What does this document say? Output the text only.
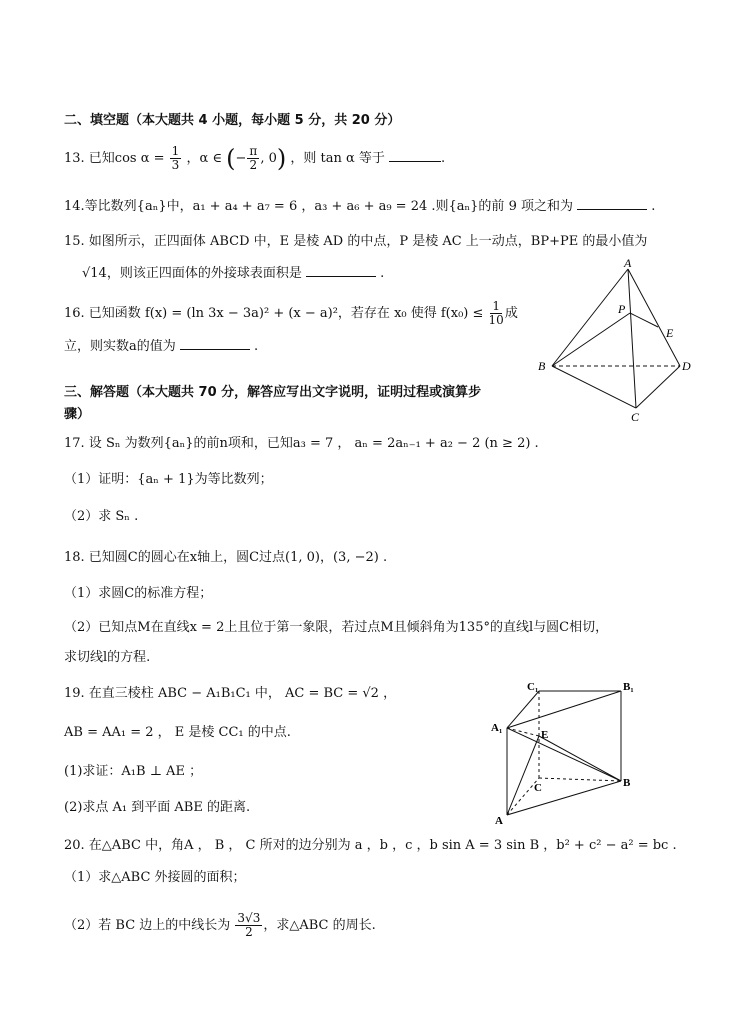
二、填空题（本大题共 4 小题，每小题 5 分，共 20 分）
13. 已知$\cos \alpha = \frac{1}{3}$ ，α ∈ (− $\frac{\pi}{2}$ , 0) ，则 tan α 等于	.
14.等比数列{aₙ}中，a₁ + a₄ + a₇ = 6 ，a₃ + a₆ + a₉ = 24 .则{aₙ}的前 9 项之和为	.
15. 如图所示，正四面体 ABCD 中，E 是棱 AD 的中点，P 是棱 AC 上一动点，BP+PE 的最小值为
√14，则该正四面体的外接球表面积是	.
16. 已知函数 f(x) = (ln 3x − 3a)² + (x − a)²，若存在 x₀ 使得 $f(x_0) \le \frac{1}{10}$ 成
立，则实数a的值为	.
A
P
E
B	D
C
三、解答题（本大题共 70 分，解答应写出文字说明，证明过程或演算步
骤）
17. 设 Sₙ 为数列{aₙ}的前n项和，已知a₃ = 7 ， aₙ = 2aₙ₋₁ + a₂ − 2 (n ≥ 2) .
（1）证明：{aₙ + 1}为等比数列；
（2）求 Sₙ .
18. 已知圆C的圆心在x轴上，圆C过点(1, 0)，(3, −2) .
（1）求圆C的标准方程；
（2）已知点M在直线x = 2上且位于第一象限，若过点M且倾斜角为135°的直线l与圆C相切，
求切线l的方程.
19. 在直三棱柱 ABC − A₁B₁C₁ 中， AC = BC = √2 ，
AB = AA₁ = 2 ， E 是棱 CC₁ 的中点.
(1)求证：A₁B ⊥ AE ；
(2)求点 A₁ 到平面 ABE 的距离.
C₁	B₁
A₁
E
C	B
A
20. 在△ABC 中，角A ， B ， C 所对的边分别为 a ，b ，c ，b sin A = 3 sin B ，b² + c² − a² = bc .
（1）求△ABC 外接圆的面积；
（2）若 BC 边上的中线长为 $\frac{3√3}{2}$ ，求△ABC 的周长.
